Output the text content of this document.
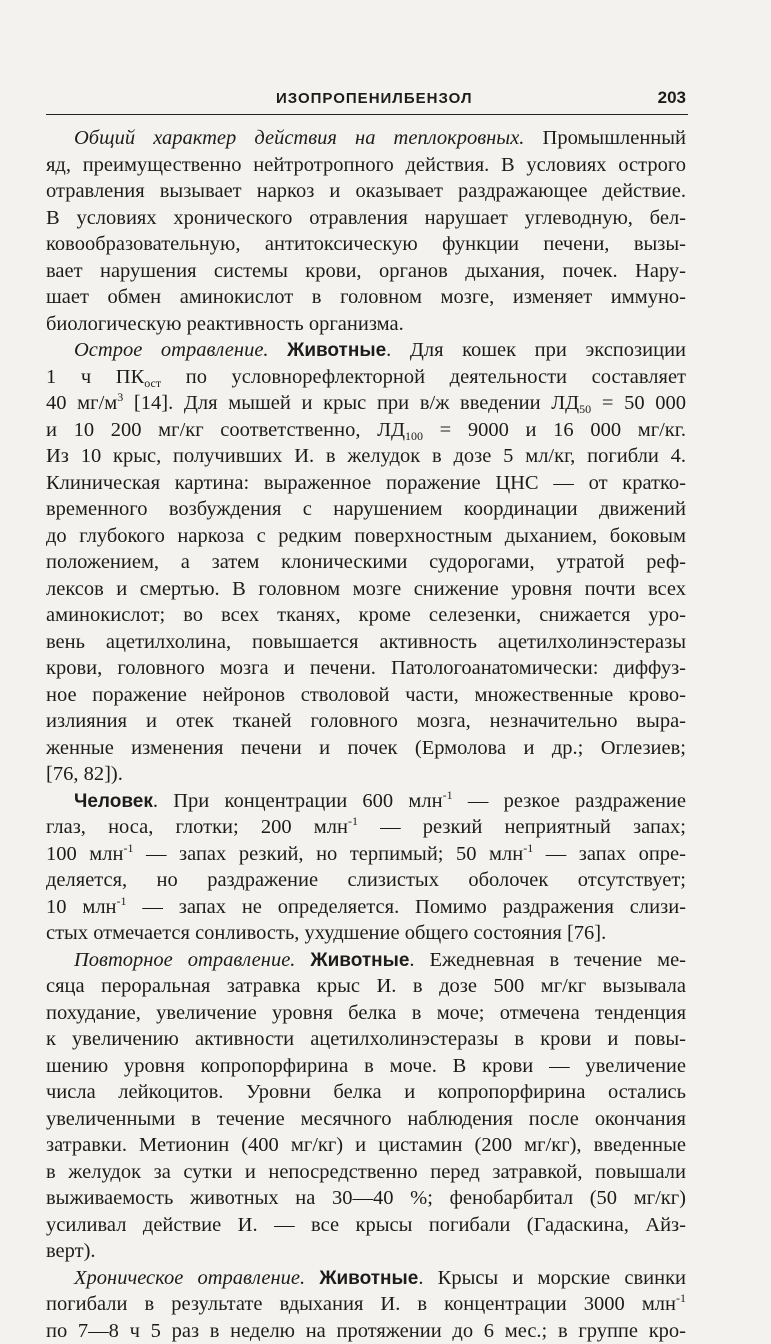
ИЗОПРОПЕНИЛБЕНЗОЛ	203
Общий характер действия на теплокровных. Промышленный
яд, преимущественно нейтротропного действия. В условиях острого
отравления вызывает наркоз и оказывает раздражающее действие.
В условиях хронического отравления нарушает углеводную, бел-
ковообразовательную, антитоксическую функции печени, вызы-
вает нарушения системы крови, органов дыхания, почек. Нару-
шает обмен аминокислот в головном мозге, изменяет иммуно-
биологическую реактивность организма.
Острое отравление. Животные. Для кошек при экспозиции
1 ч $ПК_{ост}$ по условнорефлекторной деятельности составляет
40 $мг/м^3$ [14]. Для мышей и крыс при в/ж введении $ЛД_{50} = 50$ 000
и 10 200 мг/кг соответственно, $ЛД_{100} = 9000$ и 16 000 мг/кг.
Из 10 крыс, получивших И. в желудок в дозе 5 мл/кг, погибли 4.
Клиническая картина: выраженное поражение ЦНС — от кратко-
временного возбуждения с нарушением координации движений
до глубокого наркоза с редким поверхностным дыханием, боковым
положением, а затем клоническими судорогами, утратой реф-
лексов и смертью. В головном мозге снижение уровня почти всех
аминокислот; во всех тканях, кроме селезенки, снижается уро-
вень ацетилхолина, повышается активность ацетилхолинэстеразы
крови, головного мозга и печени. Патологоанатомически: диффуз-
ное поражение нейронов стволовой части, множественные крово-
излияния и отек тканей головного мозга, незначительно выра-
женные изменения печени и почек (Ермолова и др.; Оглезиев;
[76, 82]).
Человек. При концентрации 600 млн$^{-1}$ — резкое раздражение
глаз, носа, глотки; 200 млн$^{-1}$ — резкий неприятный запах;
100 млн$^{-1}$ — запах резкий, но терпимый; 50 млн$^{-1}$ — запах опре-
деляется, но раздражение слизистых оболочек отсутствует;
10 млн$^{-1}$ — запах не определяется. Помимо раздражения слизи-
стых отмечается сонливость, ухудшение общего состояния [76].
Повторное отравление. Животные. Ежедневная в течение ме-
сяца пероральная затравка крыс И. в дозе 500 мг/кг вызывала
похудание, увеличение уровня белка в моче; отмечена тенденция
к увеличению активности ацетилхолинэстеразы в крови и повы-
шению уровня копропорфирина в моче. В крови — увеличение
числа лейкоцитов. Уровни белка и копропорфирина остались
увеличенными в течение месячного наблюдения после окончания
затравки. Метионин (400 мг/кг) и цистамин (200 мг/кг), введенные
в желудок за сутки и непосредственно перед затравкой, повышали
выживаемость животных на 30—40 %; фенобарбитал (50 мг/кг)
усиливал действие И. — все крысы погибали (Гадаскина, Айз-
верт).
Хроническое отравление. Животные. Крысы и морские свинки
погибали в результате вдыхания И. в концентрации 3000 млн$^{-1}$
по 7—8 ч 5 раз в неделю на протяжении до 6 мес.; в группе кро-
